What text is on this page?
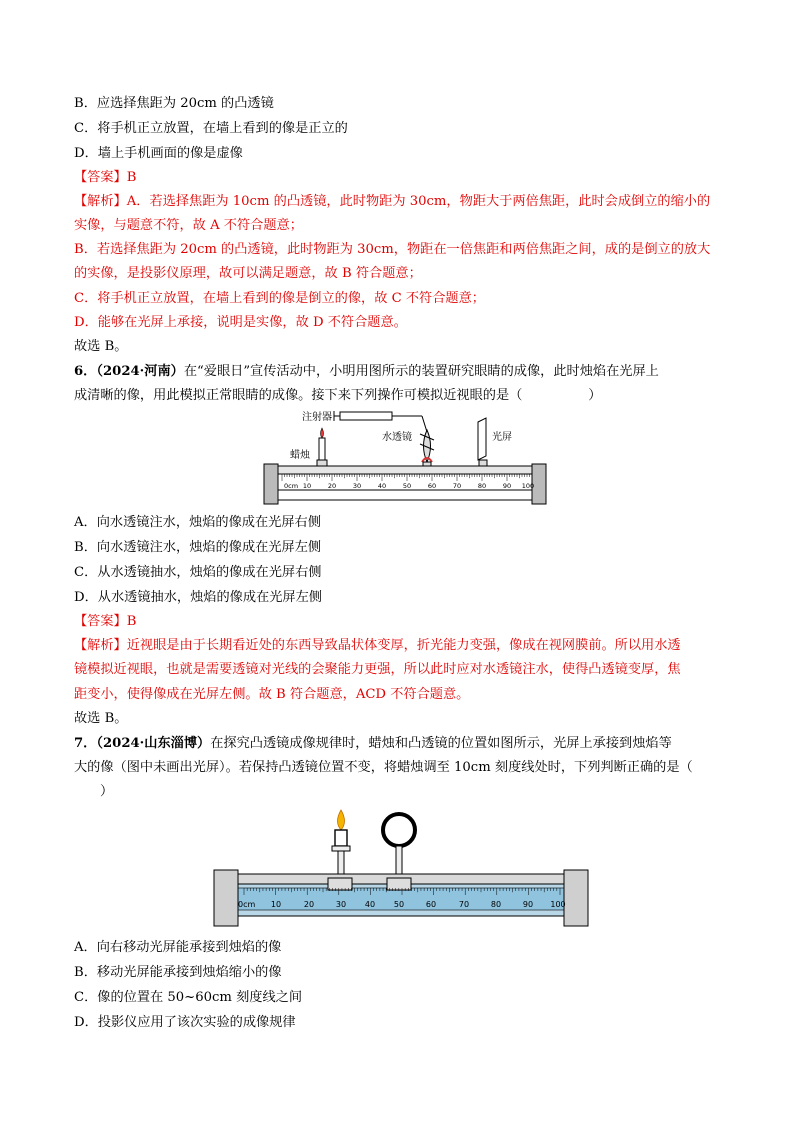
B．应选择焦距为 20cm 的凸透镜
C．将手机正立放置，在墙上看到的像是正立的
D．墙上手机画面的像是虚像
【答案】B
【解析】A．若选择焦距为 10cm 的凸透镜，此时物距为 30cm，物距大于两倍焦距，此时会成倒立的缩小的
实像，与题意不符，故 A 不符合题意；
B．若选择焦距为 20cm 的凸透镜，此时物距为 30cm，物距在一倍焦距和两倍焦距之间，成的是倒立的放大
的实像，是投影仪原理，故可以满足题意，故 B 符合题意；
C．将手机正立放置，在墙上看到的像是倒立的像，故 C 不符合题意；
D．能够在光屏上承接，说明是实像，故 D 不符合题意。
故选 B。
6．（2024·河南）在“爱眼日”宣传活动中，小明用图所示的装置研究眼睛的成像，此时烛焰在光屏上
成清晰的像，用此模拟正常眼睛的成像。接下来下列操作可模拟近视眼的是（　　　　　）
注射器
蜡烛
水透镜	光屏
0cm 10	20	30	40	50	60	70	80	90 100
A．向水透镜注水，烛焰的像成在光屏右侧
B．向水透镜注水，烛焰的像成在光屏左侧
C．从水透镜抽水，烛焰的像成在光屏右侧
D．从水透镜抽水，烛焰的像成在光屏左侧
【答案】B
【解析】近视眼是由于长期看近处的东西导致晶状体变厚，折光能力变强，像成在视网膜前。所以用水透
镜模拟近视眼，也就是需要透镜对光线的会聚能力更强，所以此时应对水透镜注水，使得凸透镜变厚，焦
距变小，使得像成在光屏左侧。故 B 符合题意，ACD 不符合题意。
故选 B。
7．（2024·山东淄博）在探究凸透镜成像规律时，蜡烛和凸透镜的位置如图所示，光屏上承接到烛焰等
大的像（图中未画出光屏）。若保持凸透镜位置不变，将蜡烛调至 10cm 刻度线处时，下列判断正确的是（
）
0cm 10	20	30 40 50	60	70	80	90 100
A．向右移动光屏能承接到烛焰的像
B．移动光屏能承接到烛焰缩小的像
C．像的位置在 50~60cm 刻度线之间
D．投影仪应用了该次实验的成像规律
